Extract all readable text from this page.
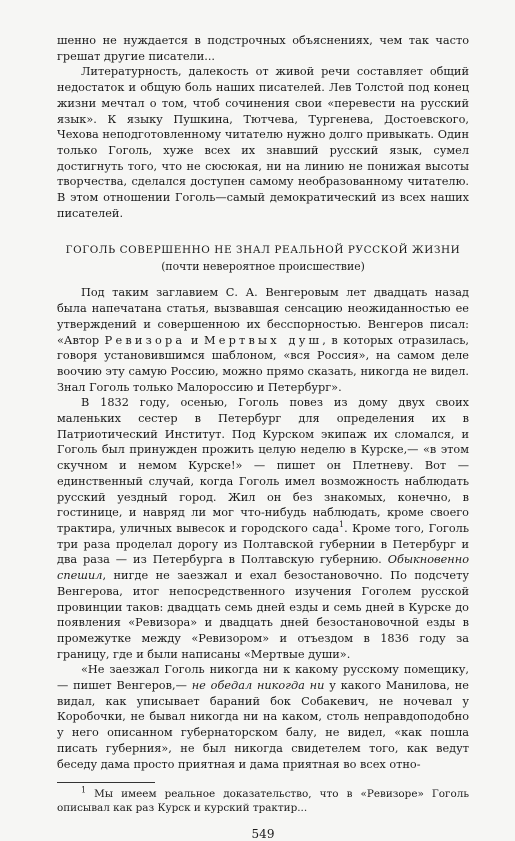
шенно не нуждается в подстрочных объяснениях, чем так часто грешат другие писатели...

Литературность, далекость от живой речи составляет общий недостаток и общую боль наших писателей. Лев Толстой под конец жизни мечтал о том, чтоб сочинения свои «перевести на русский язык». К языку Пушкина, Тютчева, Тургенева, Достоевского, Чехова неподготовленному читателю нужно долго привыкать. Один только Гоголь, хуже всех их знавший русский язык, сумел достигнуть того, что не сюсюкая, ни на линию не понижая высоты творчества, сделался доступен самому необразованному читателю. В этом отношении Гоголь—самый демократический из всех наших писателей.

ГОГОЛЬ СОВЕРШЕННО НЕ ЗНАЛ РЕАЛЬНОЙ РУССКОЙ ЖИЗНИ
(почти невероятное происшествие)

Под таким заглавием С. А. Венгеровым лет двадцать назад была напечатана статья, вызвавшая сенсацию неожиданностью ее утверждений и совершенною их бесспорностью. Венгеров писал: «Автор Ревизора и Мертвых душ, в которых отразилась, говоря установившимся шаблоном, «вся Россия», на самом деле воочию эту самую Россию, можно прямо сказать, никогда не видел. Знал Гоголь только Малороссию и Петербург».

В 1832 году, осенью, Гоголь повез из дому двух своих маленьких сестер в Петербург для определения их в Патриотический Институт. Под Курском экипаж их сломался, и Гоголь был принужден прожить целую неделю в Курске,— «в этом скучном и немом Курске!» — пишет он Плетневу. Вот — единственный случай, когда Гоголь имел возможность наблюдать русский уездный город. Жил он без знакомых, конечно, в гостинице, и навряд ли мог что-нибудь наблюдать, кроме своего трактира, уличных вывесок и городского сада$^1$. Кроме того, Гоголь три раза проделал дорогу из Полтавской губернии в Петербург и два раза — из Петербурга в Полтавскую губернию. Обыкновенно спешил, нигде не заезжал и ехал безостановочно. По подсчету Венгерова, итог непосредственного изучения Гоголем русской провинции таков: двадцать семь дней езды и семь дней в Курске до появления «Ревизора» и двадцать дней безостановочной езды в промежутке между «Ревизором» и отъездом в 1836 году за границу, где и были написаны «Мертвые души».

«Не заезжал Гоголь никогда ни к какому русскому помещику,— пишет Венгеров,— не обедал никогда ни у какого Манилова, не видал, как уписывает бараний бок Собакевич, не ночевал у Коробочки, не бывал никогда ни на каком, столь неправдоподобно у него описанном губернаторском балу, не видел, «как пошла писать губерния», не был никогда свидетелем того, как ведут беседу дама просто приятная и дама приятная во всех отно-

$^1$ Мы имеем реальное доказательство, что в «Ревизоре» Гоголь описывал как раз Курск и курский трактир...

549
